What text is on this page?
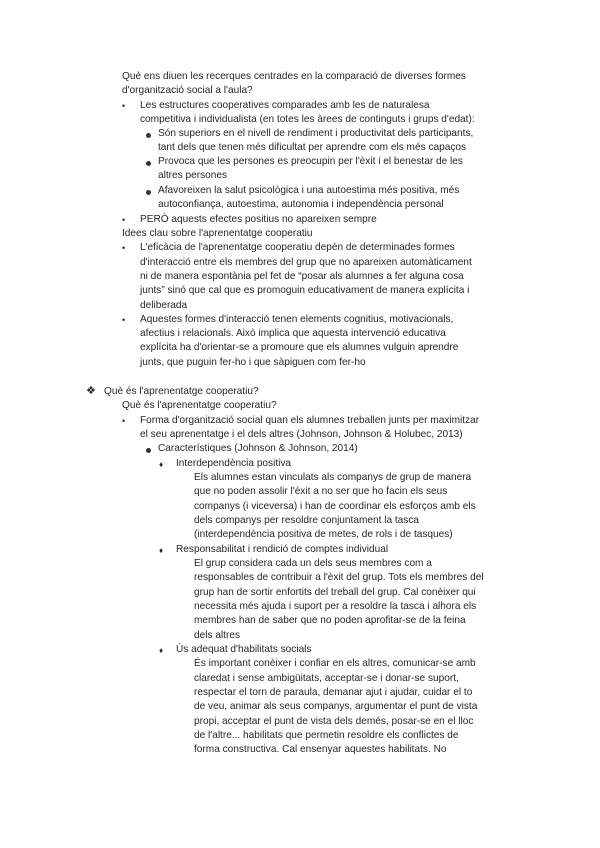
Què ens diuen les recerques centrades en la comparació de diverses formes
d'organització social a l'aula?
• Les estructures cooperatives comparades amb les de naturalesa
competitiva i individualista (en totes les àrees de continguts i grups d'edat):
Són superiors en el nivell de rendiment i productivitat dels participants,
tant dels que tenen més dificultat per aprendre com els més capaços
Provoca que les persones es preocupin per l'èxit i el benestar de les
altres persones
Afavoreixen la salut psicològica i una autoestima més positiva, més
autoconfiança, autoestima, autonomia i independència personal
• PERÒ aquests efectes positius no apareixen sempre
Idees clau sobre l'aprenentatge cooperatiu
• L'eficàcia de l'aprenentatge cooperatiu depèn de determinades formes
d'interacció entre els membres del grup que no apareixen automàticament
ni de manera espontània pel fet de “posar als alumnes a fer alguna cosa
junts” sinó que cal que es promoguin educativament de manera explícita i
deliberada
• Aquestes formes d'interacció tenen elements cognitius, motivacionals,
afectius i relacionals. Això implica que aquesta intervenció educativa
explícita ha d'orientar-se a promoure que els alumnes vulguin aprendre
junts, que puguin fer-ho i que sàpiguen com fer-ho
❖ Què és l'aprenentatge cooperatiu?
Què és l'aprenentatge cooperatiu?
• Forma d'organització social quan els alumnes treballen junts per maximitzar
el seu aprenentatge i el dels altres (Johnson, Johnson & Holubec, 2013)
Característiques (Johnson & Johnson, 2014)
♦ Interdependència positiva
Els alumnes estan vinculats als companys de grup de manera
que no poden assolir l'èxit a no ser que ho facin els seus
companys (i viceversa) i han de coordinar els esforços amb els
dels companys per resoldre conjuntament la tasca
(interdependència positiva de metes, de rols i de tasques)
♦ Responsabilitat i rendició de comptes individual
El grup considera cada un dels seus membres com a
responsables de contribuir a l'èxit del grup. Tots els membres del
grup han de sortir enfortits del treball del grup. Cal conèixer qui
necessita més ajuda i suport per a resoldre la tasca i alhora els
membres han de saber que no poden aprofitar-se de la feina
dels altres
♦ Ús adequat d'habilitats socials
És important conèixer i confiar en els altres, comunicar-se amb
claredat i sense ambigüitats, acceptar-se i donar-se suport,
respectar el torn de paraula, demanar ajut i ajudar, cuidar el to
de veu, animar als seus companys, argumentar el punt de vista
propi, acceptar el punt de vista dels demés, posar-se en el lloc
de l'altre... habilitats que permetin resoldre els conflictes de
forma constructiva. Cal ensenyar aquestes habilitats. No
